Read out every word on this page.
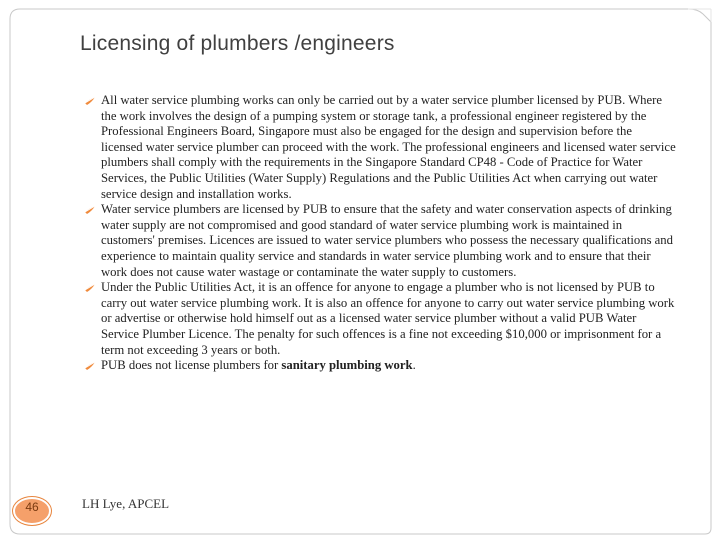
Licensing of plumbers /engineers
All water service plumbing works can only be carried out by a water service plumber licensed by PUB. Where the work involves the design of a pumping system or storage tank, a professional engineer registered by the Professional Engineers Board, Singapore must also be engaged for the design and supervision before the licensed water service plumber can proceed with the work. The professional engineers and licensed water service plumbers shall comply with the requirements in the Singapore Standard CP48 - Code of Practice for Water Services, the Public Utilities (Water Supply) Regulations and the Public Utilities Act when carrying out water service design and installation works.
Water service plumbers are licensed by PUB to ensure that the safety and water conservation aspects of drinking water supply are not compromised and good standard of water service plumbing work is maintained in customers' premises. Licences are issued to water service plumbers who possess the necessary qualifications and experience to maintain quality service and standards in water service plumbing work and to ensure that their work does not cause water wastage or contaminate the water supply to customers.
Under the Public Utilities Act, it is an offence for anyone to engage a plumber who is not licensed by PUB to carry out water service plumbing work. It is also an offence for anyone to carry out water service plumbing work or advertise or otherwise hold himself out as a licensed water service plumber without a valid PUB Water Service Plumber Licence. The penalty for such offences is a fine not exceeding $10,000 or imprisonment for a term not exceeding 3 years or both.
PUB does not license plumbers for sanitary plumbing work.
46	LH Lye, APCEL
